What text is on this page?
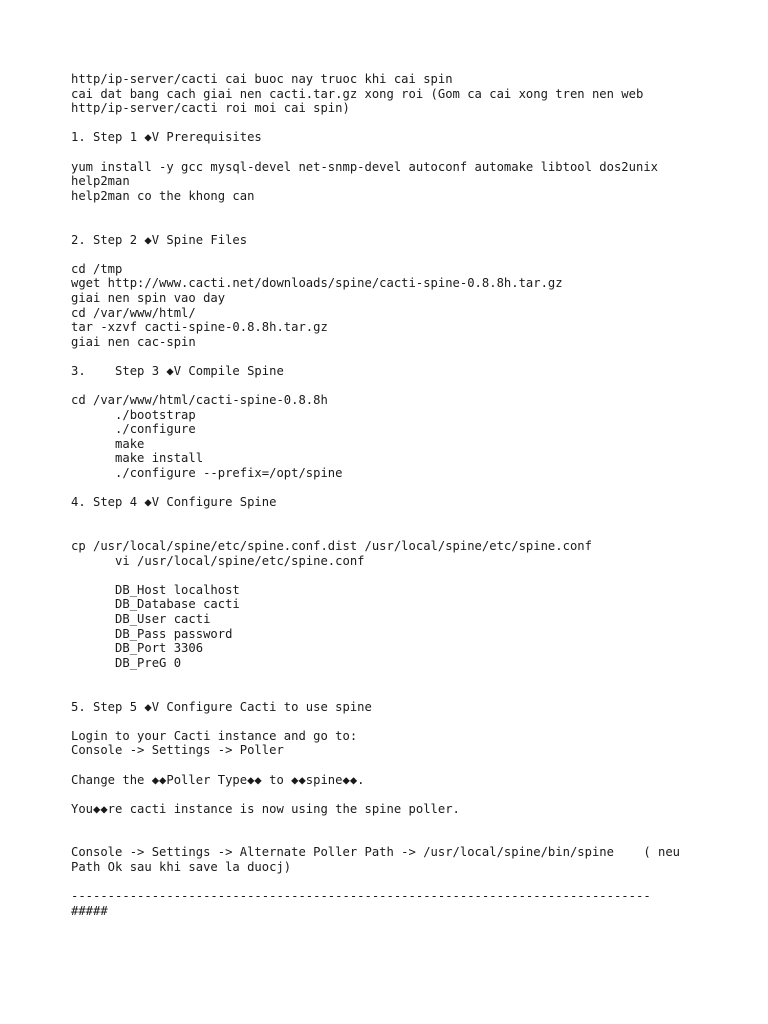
http/ip-server/cacti cai buoc nay truoc khi cai spin
cai dat bang cach giai nen cacti.tar.gz xong roi (Gom ca cai xong tren nen web
http/ip-server/cacti roi moi cai spin)
1. Step 1 ◆V Prerequisites
yum install -y gcc mysql-devel net-snmp-devel autoconf automake libtool dos2unix
help2man
help2man co the khong can
2. Step 2 ◆V Spine Files
cd /tmp
wget http://www.cacti.net/downloads/spine/cacti-spine-0.8.8h.tar.gz
giai nen spin vao day
cd /var/www/html/
tar -xzvf cacti-spine-0.8.8h.tar.gz
giai nen cac-spin
3.    Step 3 ◆V Compile Spine
cd /var/www/html/cacti-spine-0.8.8h
./bootstrap
./configure
make
make install
./configure --prefix=/opt/spine
4. Step 4 ◆V Configure Spine
cp /usr/local/spine/etc/spine.conf.dist /usr/local/spine/etc/spine.conf
vi /usr/local/spine/etc/spine.conf
DB_Host localhost
DB_Database cacti
DB_User cacti
DB_Pass password
DB_Port 3306
DB_PreG 0
5. Step 5 ◆V Configure Cacti to use spine
Login to your Cacti instance and go to:
Console -> Settings -> Poller
Change the ◆◆Poller Type◆◆ to ◆◆spine◆◆.
You◆◆re cacti instance is now using the spine poller.
Console -> Settings -> Alternate Poller Path -> /usr/local/spine/bin/spine    ( neu
Path Ok sau khi save la duocj)
-------------------------------------------------------------------------------
#####
